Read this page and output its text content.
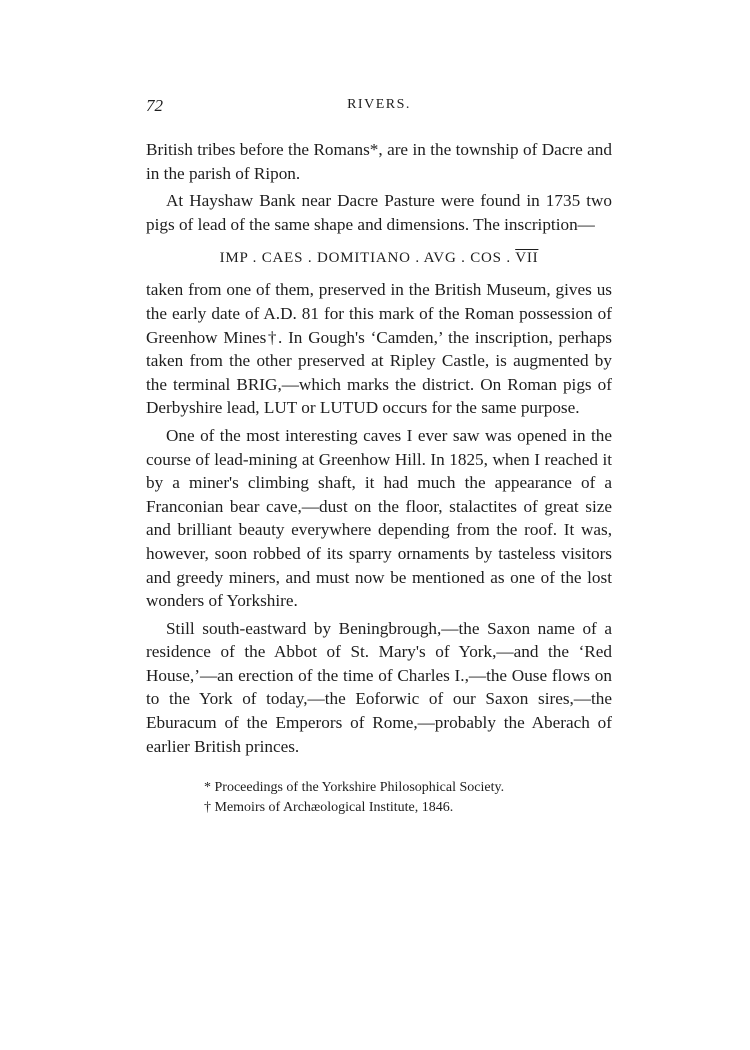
72	RIVERS.

British tribes before the Romans*, are in the township of Dacre and in the parish of Ripon.

At Hayshaw Bank near Dacre Pasture were found in 1735 two pigs of lead of the same shape and dimensions. The inscription—

IMP . CAES . DOMITIANO . AVG . COS . $\overline{VII}$

taken from one of them, preserved in the British Museum, gives us the early date of A.D. 81 for this mark of the Roman possession of Greenhow Mines†. In Gough's ‘Camden,’ the inscription, perhaps taken from the other preserved at Ripley Castle, is augmented by the terminal BRIG,—which marks the district. On Roman pigs of Derbyshire lead, LUT or LUTUD occurs for the same purpose.

One of the most interesting caves I ever saw was opened in the course of lead-mining at Greenhow Hill. In 1825, when I reached it by a miner's climbing shaft, it had much the appearance of a Franconian bear cave,—dust on the floor, stalactites of great size and brilliant beauty everywhere depending from the roof. It was, however, soon robbed of its sparry ornaments by tasteless visitors and greedy miners, and must now be mentioned as one of the lost wonders of Yorkshire.

Still south-eastward by Beningbrough,—the Saxon name of a residence of the Abbot of St. Mary's of York,—and the ‘Red House,’—an erection of the time of Charles I.,—the Ouse flows on to the York of today,—the Eoforwic of our Saxon sires,—the Eburacum of the Emperors of Rome,—probably the Aberach of earlier British princes.

* Proceedings of the Yorkshire Philosophical Society.

† Memoirs of Archæological Institute, 1846.
